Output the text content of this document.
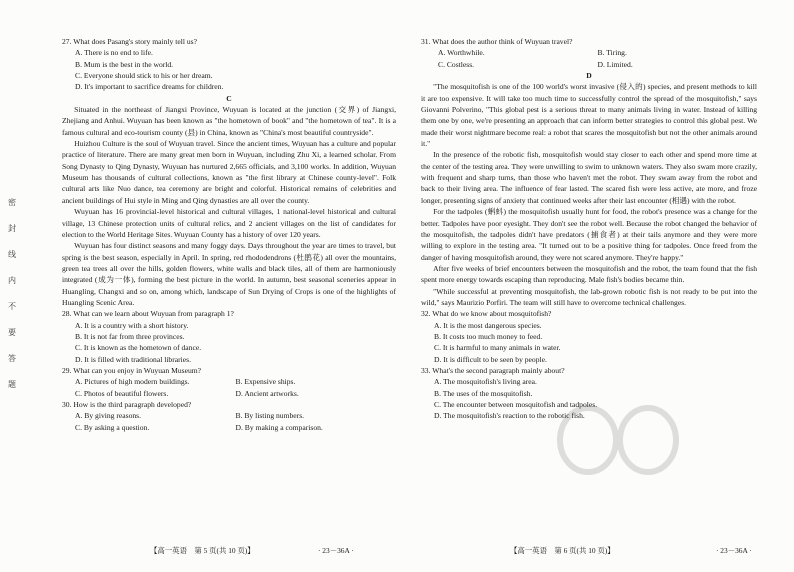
密封线内不要答题

27. What does Pasang's story mainly tell us?

A. There is no end to life.

B. Mum is the best in the world.

C. Everyone should stick to his or her dream.

D. It's important to sacrifice dreams for children.

C

Situated in the northeast of Jiangxi Province, Wuyuan is located at the junction (交界) of Jiangxi, Zhejiang and Anhui. Wuyuan has been known as "the hometown of book" and "the hometown of tea". It is a famous cultural and eco-tourism county (县) in China, known as "China's most beautiful countryside".

Huizhou Culture is the soul of Wuyuan travel. Since the ancient times, Wuyuan has a culture and popular practice of literature. There are many great men born in Wuyuan, including Zhu Xi, a learned scholar. From Song Dynasty to Qing Dynasty, Wuyuan has nurtured 2,665 officials, and 3,100 works. In addition, Wuyuan Museum has thousands of cultural collections, known as "the first library at Chinese county-level". Folk cultural arts like Nuo dance, tea ceremony are bright and colorful. Historical remains of celebrities and ancient buildings of Hui style in Ming and Qing dynasties are all over the county.

Wuyuan has 16 provincial-level historical and cultural villages, 1 national-level historical and cultural village, 13 Chinese protection units of cultural relics, and 2 ancient villages on the list of candidates for election to the World Heritage Sites. Wuyuan County has a history of over 120 years.

Wuyuan has four distinct seasons and many foggy days. Days throughout the year are times to travel, but spring is the best season, especially in April. In spring, red rhododendrons (杜鹃花) all over the mountains, green tea trees all over the hills, golden flowers, white walls and black tiles, all of them are harmoniously integrated (成为一体), forming the best picture in the world. In autumn, best seasonal sceneries appear in Huangling, Changxi and so on, among which, landscape of Sun Drying of Crops is one of the highlights of Huangling Scenic Area.

28. What can we learn about Wuyuan from paragraph 1?

A. It is a country with a short history.

B. It is not far from three provinces.

C. It is known as the hometown of dance.

D. It is filled with traditional libraries.

29. What can you enjoy in Wuyuan Museum?

A. Pictures of high modern buildings.	B. Expensive ships.
C. Photos of beautiful flowers.	D. Ancient artworks.

30. How is the third paragraph developed?

A. By giving reasons.	B. By listing numbers.
C. By asking a question.	D. By making a comparison.

31. What does the author think of Wuyuan travel?

A. Worthwhile.	B. Tiring.
C. Costless.	D. Limited.

D

"The mosquitofish is one of the 100 world's worst invasive (侵入的) species, and present methods to kill it are too expensive. It will take too much time to successfully control the spread of the mosquitofish," says Giovanni Polverino, "This global pest is a serious threat to many animals living in water. Instead of killing them one by one, we're presenting an approach that can inform better strategies to control this global pest. We made their worst nightmare become real: a robot that scares the mosquitofish but not the other animals around it."

In the presence of the robotic fish, mosquitofish would stay closer to each other and spend more time at the center of the testing area. They were unwilling to swim to unknown waters. They also swam more crazily, with frequent and sharp turns, than those who haven't met the robot. They swam away from the robot and back to their living area. The influence of fear lasted. The scared fish were less active, ate more, and froze longer, presenting signs of anxiety that continued weeks after their last encounter (相遇) with the robot.

For the tadpoles (蝌蚪) the mosquitofish usually hunt for food, the robot's presence was a change for the better. Tadpoles have poor eyesight. They don't see the robot well. Because the robot changed the behavior of the mosquitofish, the tadpoles didn't have predators (捕食者) at their tails anymore and they were more willing to explore in the testing area. "It turned out to be a positive thing for tadpoles. Once freed from the danger of having mosquitofish around, they were not scared anymore. They're happy."

After five weeks of brief encounters between the mosquitofish and the robot, the team found that the fish spent more energy towards escaping than reproducing. Male fish's bodies became thin.

"While successful at preventing mosquitofish, the lab-grown robotic fish is not ready to be put into the wild," says Maurizio Porfiri. The team will still have to overcome technical challenges.

32. What do we know about mosquitofish?

A. It is the most dangerous species.

B. It costs too much money to feed.

C. It is harmful to many animals in water.

D. It is difficult to be seen by people.

33. What's the second paragraph mainly about?

A. The mosquitofish's living area.

B. The uses of the mosquitofish.

C. The encounter between mosquitofish and tadpoles.

D. The mosquitofish's reaction to the robotic fish.

【高一英语　第 5 页(共 10 页)】	· 23－36A ·	【高一英语　第 6 页(共 10 页)】	· 23－36A ·
